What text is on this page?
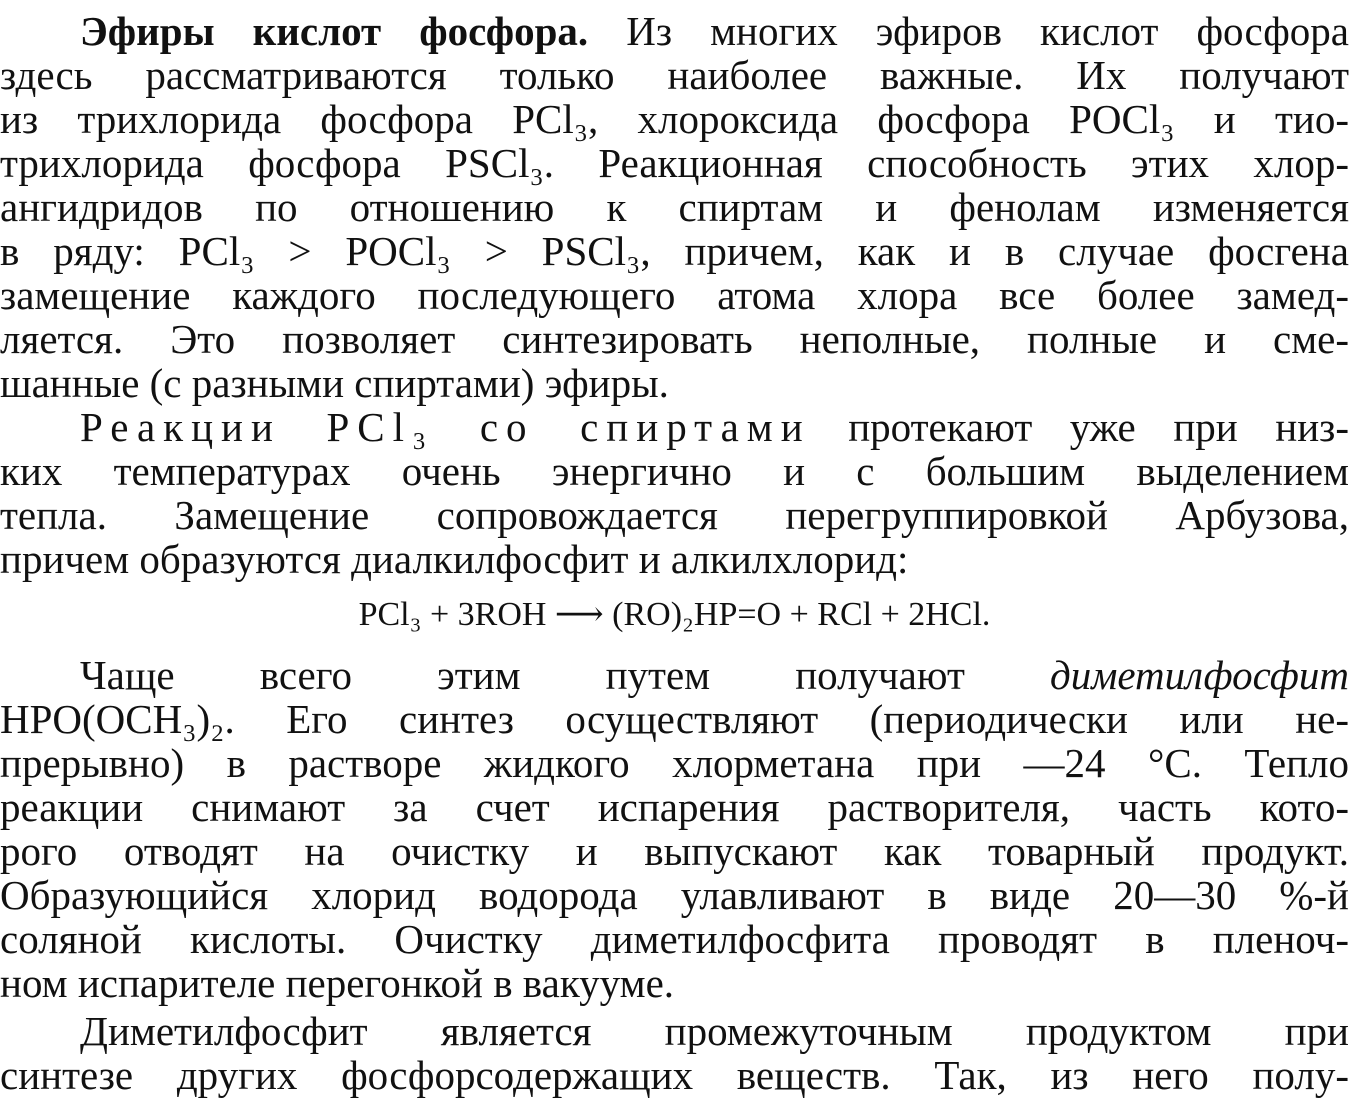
Эфиры кислот фосфора. Из многих эфиров кислот фосфора
здесь рассматриваются только наиболее важные. Их получают
из трихлорида фосфора PCl₃, хлороксида фосфора POCl₃ и тио-
трихлорида фосфора PSCl₃. Реакционная способность этих хлор-
ангидридов по отношению к спиртам и фенолам изменяется
в ряду: PCl₃ > POCl₃ > PSCl₃, причем, как и в случае фосгена
замещение каждого последующего атома хлора все более замед-
ляется. Это позволяет синтезировать неполные, полные и сме-
шанные (с разными спиртами) эфиры.
Реакции PCl₃ со спиртами протекают уже при низ-
ких температурах очень энергично и с большим выделением
тепла. Замещение сопровождается перегруппировкой Арбузова,
причем образуются диалкилфосфит и алкилхлорид:
PCl₃ + 3ROH ⟶ (RO)₂HP=O + RCl + 2HCl.
Чаще всего этим путем получают диметилфосфит
HPO(OCH₃)₂. Его синтез осуществляют (периодически или не-
прерывно) в растворе жидкого хлорметана при —24 °C. Тепло
реакции снимают за счет испарения растворителя, часть кото-
рого отводят на очистку и выпускают как товарный продукт.
Образующийся хлорид водорода улавливают в виде 20—30 %-й
соляной кислоты. Очистку диметилфосфита проводят в пленоч-
ном испарителе перегонкой в вакууме.
Диметилфосфит является промежуточным продуктом при
синтезе других фосфорсодержащих веществ. Так, из него полу-
